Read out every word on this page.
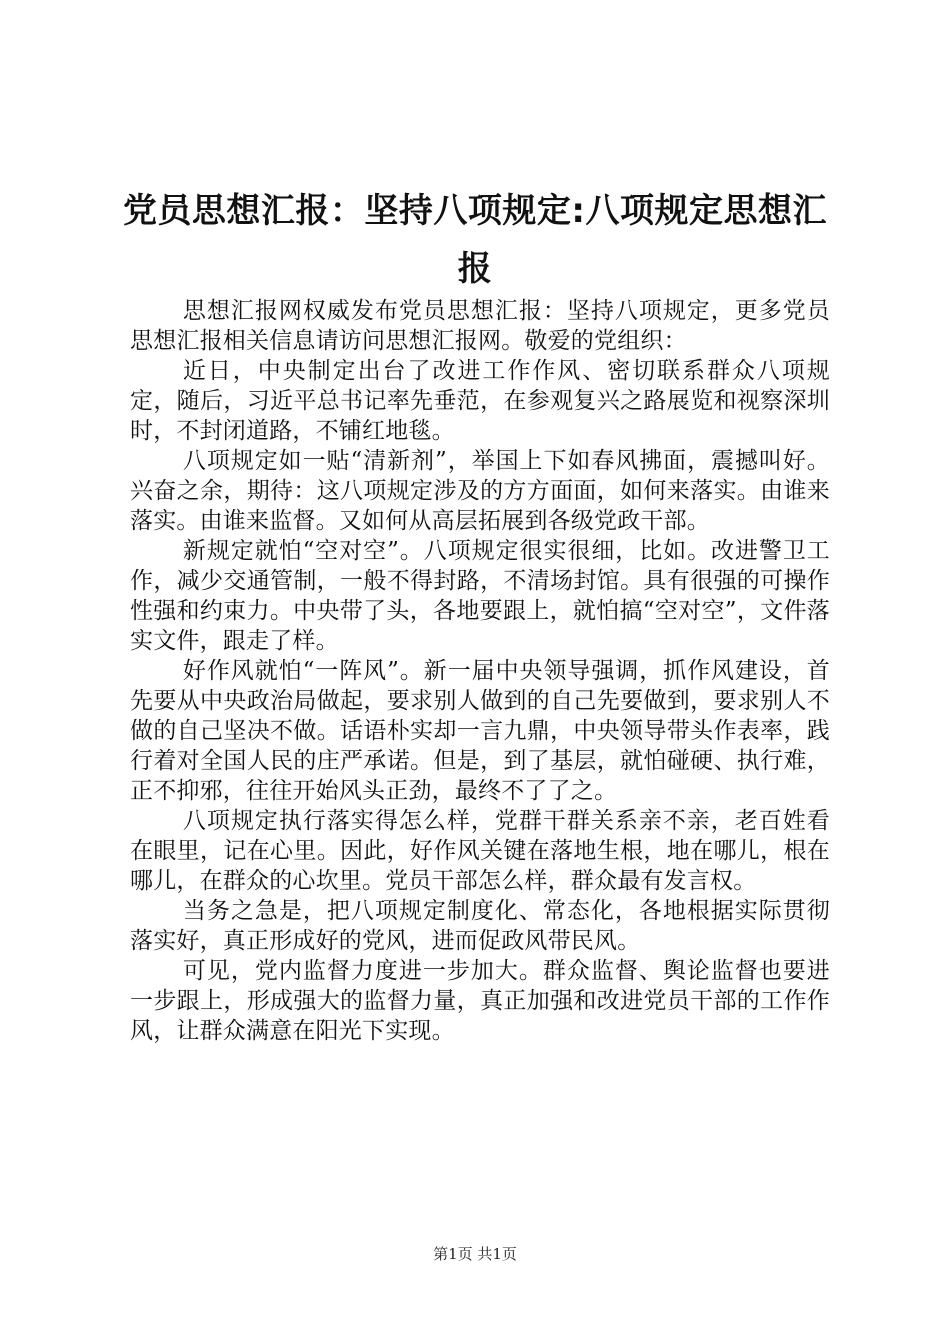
党员思想汇报：坚持八项规定:八项规定思想汇报

思想汇报网权威发布党员思想汇报：坚持八项规定，更多党员思想汇报相关信息请访问思想汇报网。敬爱的党组织：

近日，中央制定出台了改进工作作风、密切联系群众八项规定，随后，习近平总书记率先垂范，在参观复兴之路展览和视察深圳时，不封闭道路，不铺红地毯。

八项规定如一贴“清新剂”，举国上下如春风拂面，震撼叫好。兴奋之余，期待：这八项规定涉及的方方面面，如何来落实。由谁来落实。由谁来监督。又如何从高层拓展到各级党政干部。

新规定就怕“空对空”。八项规定很实很细，比如。改进警卫工作，减少交通管制，一般不得封路，不清场封馆。具有很强的可操作性强和约束力。中央带了头，各地要跟上，就怕搞“空对空”，文件落实文件，跟走了样。

好作风就怕“一阵风”。新一届中央领导强调，抓作风建设，首先要从中央政治局做起，要求别人做到的自己先要做到，要求别人不做的自己坚决不做。话语朴实却一言九鼎，中央领导带头作表率，践行着对全国人民的庄严承诺。但是，到了基层，就怕碰硬、执行难，正不抑邪，往往开始风头正劲，最终不了了之。

八项规定执行落实得怎么样，党群干群关系亲不亲，老百姓看在眼里，记在心里。因此，好作风关键在落地生根，地在哪儿，根在哪儿，在群众的心坎里。党员干部怎么样，群众最有发言权。

当务之急是，把八项规定制度化、常态化，各地根据实际贯彻落实好，真正形成好的党风，进而促政风带民风。

可见，党内监督力度进一步加大。群众监督、舆论监督也要进一步跟上，形成强大的监督力量，真正加强和改进党员干部的工作作风，让群众满意在阳光下实现。

第1页 共1页
